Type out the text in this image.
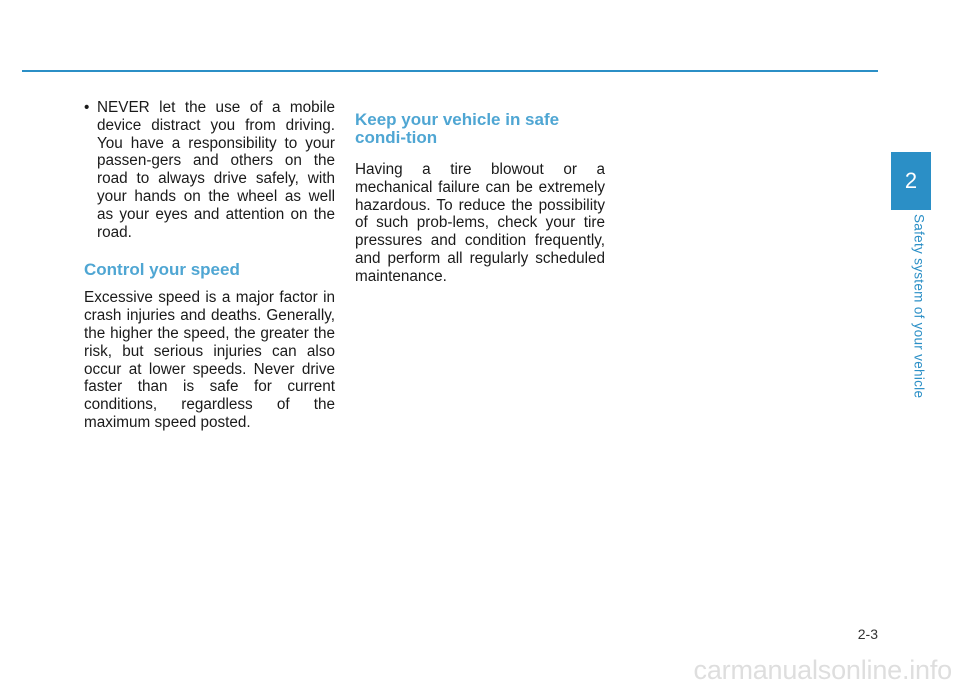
• NEVER let the use of a mobile device distract you from driving. You have a responsibility to your passen-gers and others on the road to always drive safely, with your hands on the wheel as well as your eyes and attention on the road.
Control your speed

Excessive speed is a major factor in crash injuries and deaths. Generally, the higher the speed, the greater the risk, but serious injuries can also occur at lower speeds. Never drive faster than is safe for current conditions, regardless of the maximum speed posted.

Keep your vehicle in safe condi-tion

Having a tire blowout or a mechanical failure can be extremely hazardous. To reduce the possibility of such prob-lems, check your tire pressures and condition frequently, and perform all regularly scheduled maintenance.

2
Safety system of your vehicle
2-3
carmanualsonline.info
